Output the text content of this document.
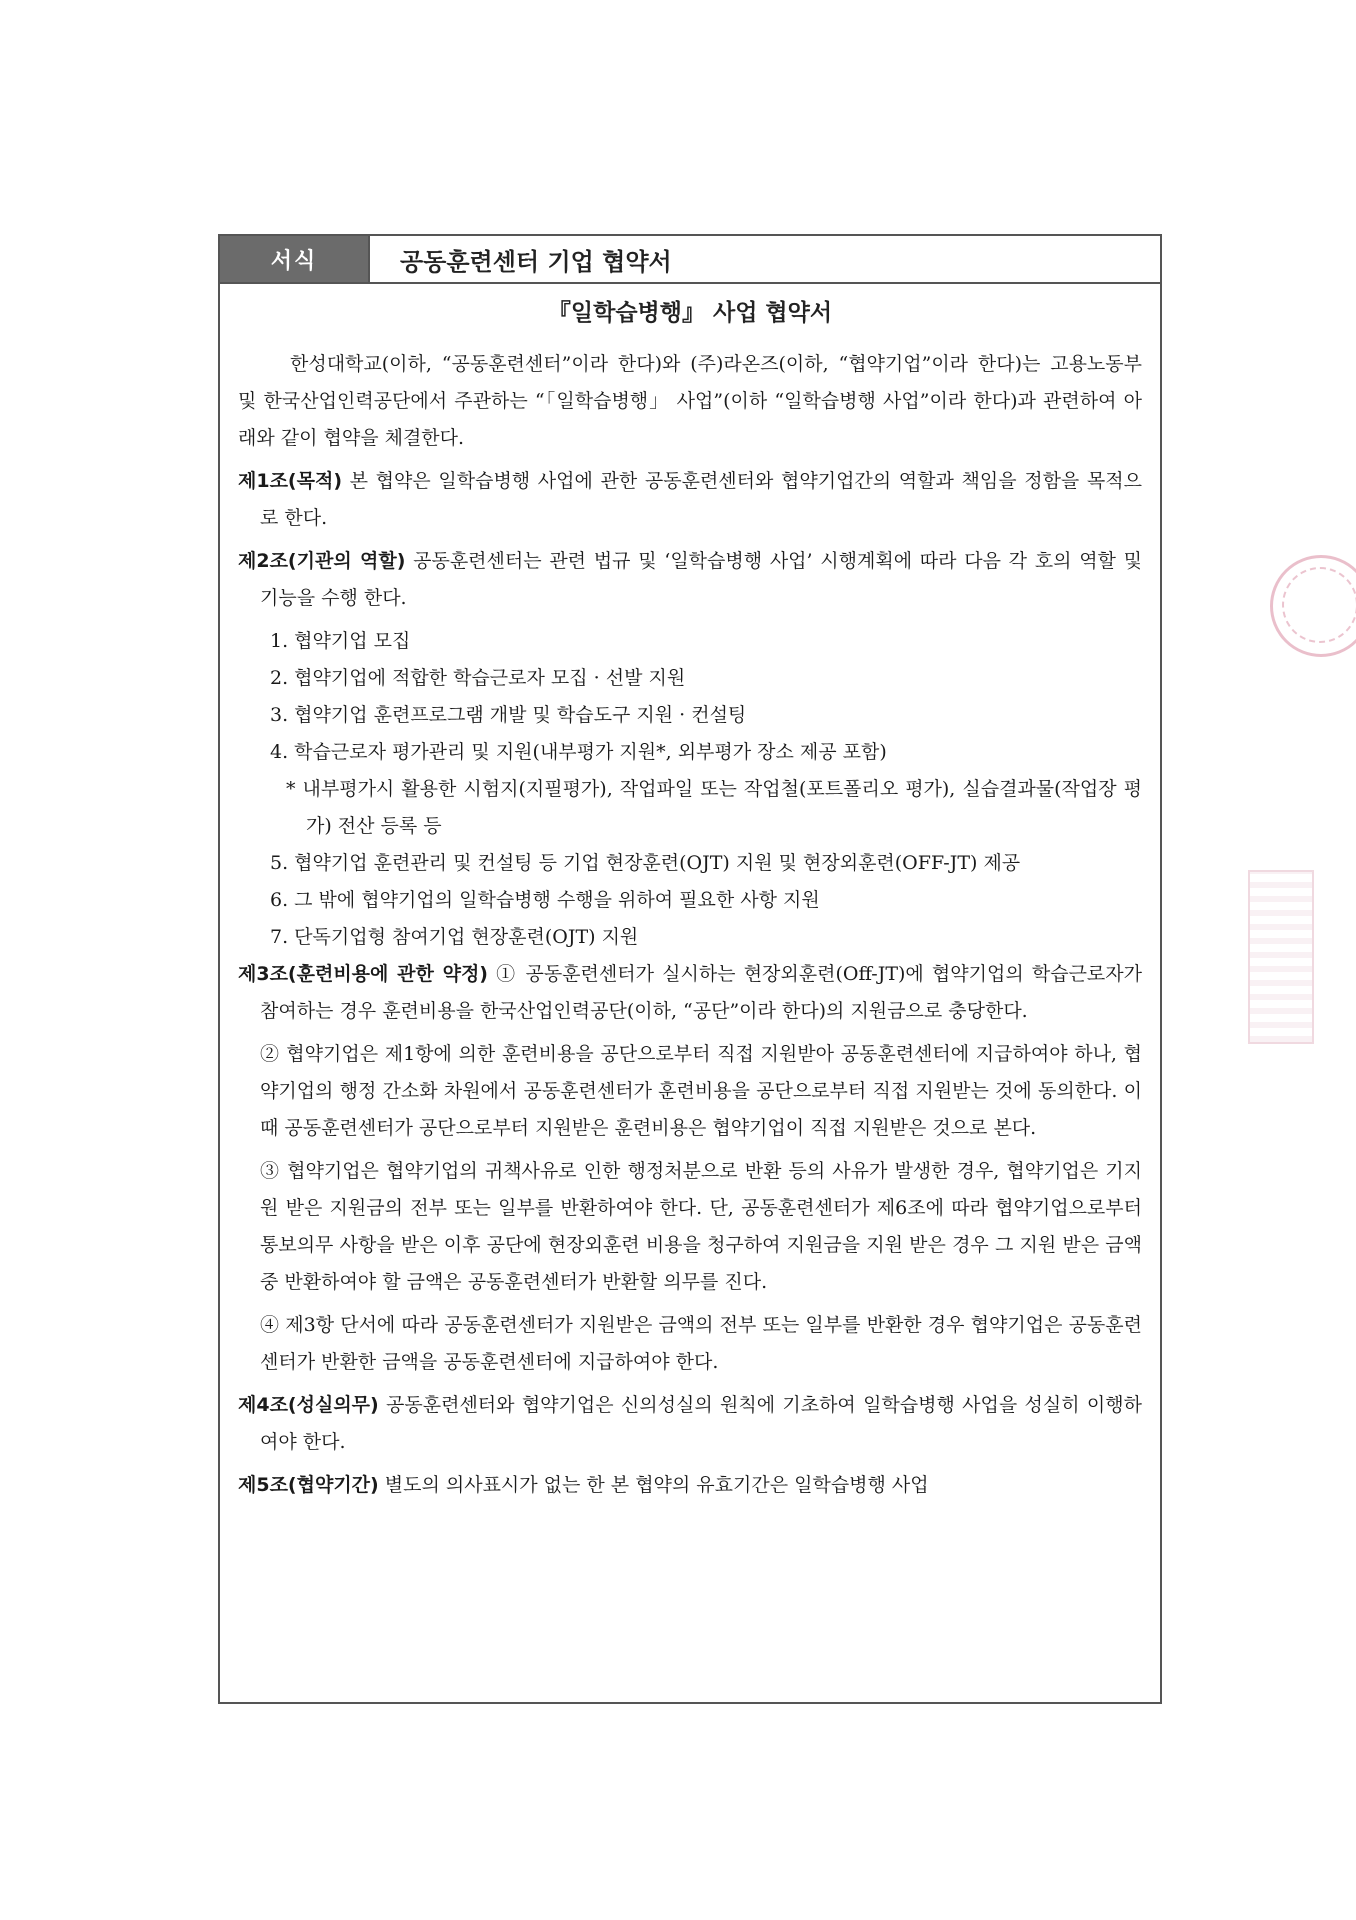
서식	공동훈련센터 기업 협약서
『일학습병행』 사업 협약서

한성대학교(이하, “공동훈련센터”이라 한다)와 (주)라온즈(이하, “협약기업”이라 한다)는 고용노동부 및 한국산업인력공단에서 주관하는 “「일학습병행」 사업”(이하 “일학습병행 사업”이라 한다)과 관련하여 아래와 같이 협약을 체결한다.

제1조(목적) 본 협약은 일학습병행 사업에 관한 공동훈련센터와 협약기업간의 역할과 책임을 정함을 목적으로 한다.

제2조(기관의 역할) 공동훈련센터는 관련 법규 및 ‘일학습병행 사업’ 시행계획에 따라 다음 각 호의 역할 및 기능을 수행 한다.

1. 협약기업 모집
2. 협약기업에 적합한 학습근로자 모집 · 선발 지원
3. 협약기업 훈련프로그램 개발 및 학습도구 지원 · 컨설팅
4. 학습근로자 평가관리 및 지원(내부평가 지원*, 외부평가 장소 제공 포함)

* 내부평가시 활용한 시험지(지필평가), 작업파일 또는 작업철(포트폴리오 평가), 실습결과물(작업장 평가) 전산 등록 등

5. 협약기업 훈련관리 및 컨설팅 등 기업 현장훈련(OJT) 지원 및 현장외훈련(OFF-JT) 제공
6. 그 밖에 협약기업의 일학습병행 수행을 위하여 필요한 사항 지원
7. 단독기업형 참여기업 현장훈련(OJT) 지원

제3조(훈련비용에 관한 약정) ① 공동훈련센터가 실시하는 현장외훈련(Off-JT)에 협약기업의 학습근로자가 참여하는 경우 훈련비용을 한국산업인력공단(이하, “공단”이라 한다)의 지원금으로 충당한다.

② 협약기업은 제1항에 의한 훈련비용을 공단으로부터 직접 지원받아 공동훈련센터에 지급하여야 하나, 협약기업의 행정 간소화 차원에서 공동훈련센터가 훈련비용을 공단으로부터 직접 지원받는 것에 동의한다. 이 때 공동훈련센터가 공단으로부터 지원받은 훈련비용은 협약기업이 직접 지원받은 것으로 본다.

③ 협약기업은 협약기업의 귀책사유로 인한 행정처분으로 반환 등의 사유가 발생한 경우, 협약기업은 기지원 받은 지원금의 전부 또는 일부를 반환하여야 한다. 단, 공동훈련센터가 제6조에 따라 협약기업으로부터 통보의무 사항을 받은 이후 공단에 현장외훈련 비용을 청구하여 지원금을 지원 받은 경우 그 지원 받은 금액 중 반환하여야 할 금액은 공동훈련센터가 반환할 의무를 진다.

④ 제3항 단서에 따라 공동훈련센터가 지원받은 금액의 전부 또는 일부를 반환한 경우 협약기업은 공동훈련센터가 반환한 금액을 공동훈련센터에 지급하여야 한다.

제4조(성실의무) 공동훈련센터와 협약기업은 신의성실의 원칙에 기초하여 일학습병행 사업을 성실히 이행하여야 한다.

제5조(협약기간) 별도의 의사표시가 없는 한 본 협약의 유효기간은 일학습병행 사업
